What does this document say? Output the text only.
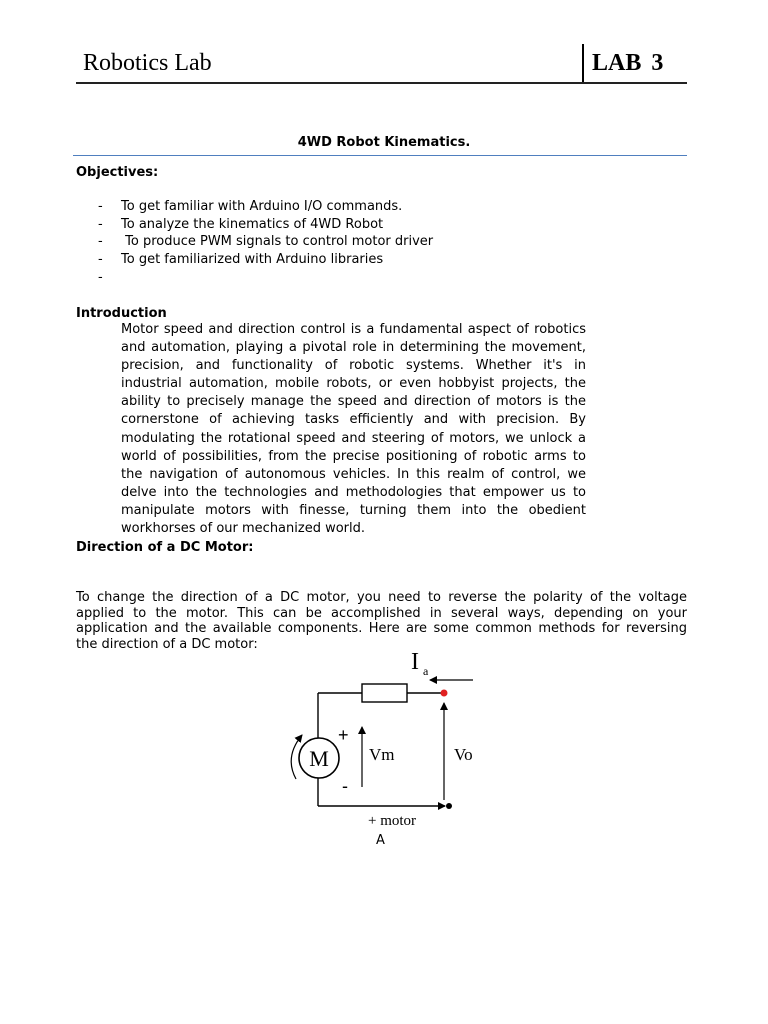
Robotics Lab	LAB 3
4WD Robot Kinematics.
Objectives:
- To get familiar with Arduino I/O commands.
- To analyze the kinematics of 4WD Robot
- To produce PWM signals to control motor driver
- To get familiarized with Arduino libraries
-
Introduction

Motor speed and direction control is a fundamental aspect of robotics and automation, playing a pivotal role in determining the movement, precision, and functionality of robotic systems. Whether it's in industrial automation, mobile robots, or even hobbyist projects, the ability to precisely manage the speed and direction of motors is the cornerstone of achieving tasks efficiently and with precision. By modulating the rotational speed and steering of motors, we unlock a world of possibilities, from the precise positioning of robotic arms to the navigation of autonomous vehicles. In this realm of control, we delve into the technologies and methodologies that empower us to manipulate motors with finesse, turning them into the obedient workhorses of our mechanized world.

Direction of a DC Motor:

To change the direction of a DC motor, you need to reverse the polarity of the voltage applied to the motor. This can be accomplished in several ways, depending on your application and the available components. Here are some common methods for reversing the direction of a DC motor:

I a
M
+
-
Vm	Vo
+ motor
A
